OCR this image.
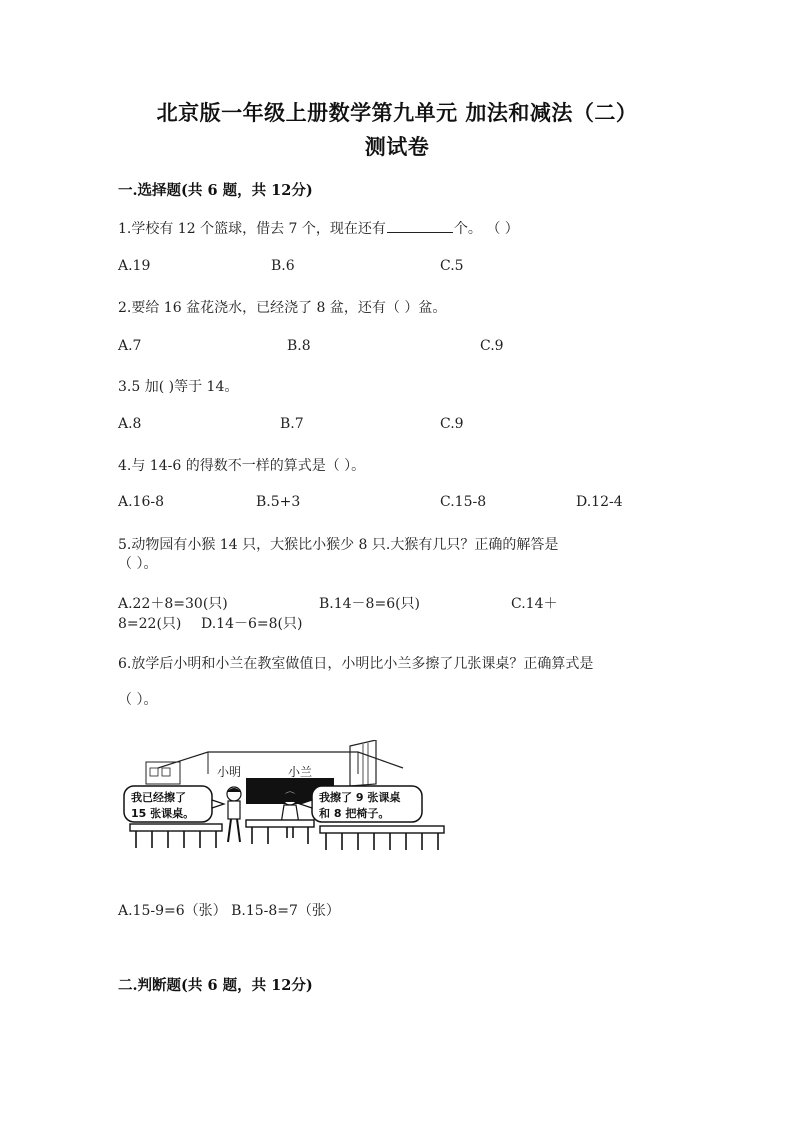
北京版一年级上册数学第九单元 加法和减法（二）
测试卷
一.选择题(共 6 题，共 12分)
1.学校有 12 个篮球，借去 7 个，现在还有	个。 （ ）
A.19	B.6	C.5
2.要给 16 盆花浇水，已经浇了 8 盆，还有（ ）盆。
A.7	B.8	C.9
3.5 加( )等于 14。
A.8	B.7	C.9
4.与 14-6 的得数不一样的算式是（ ）。
A.16-8	B.5+3	C.15-8	D.12-4
5.动物园有小猴 14 只，大猴比小猴少 8 只.大猴有几只？正确的解答是
（ ）。
A.22＋8=30(只)	B.14－8=6(只)	C.14＋
8=22(只) D.14－6=8(只)
6.放学后小明和小兰在教室做值日，小明比小兰多擦了几张课桌？正确算式是
（ ）。
小明	小兰
我已经擦了
15 张课桌。
我擦了 9 张课桌
和 8 把椅子。
A.15-9=6（张） B.15-8=7（张）
二.判断题(共 6 题，共 12分)
